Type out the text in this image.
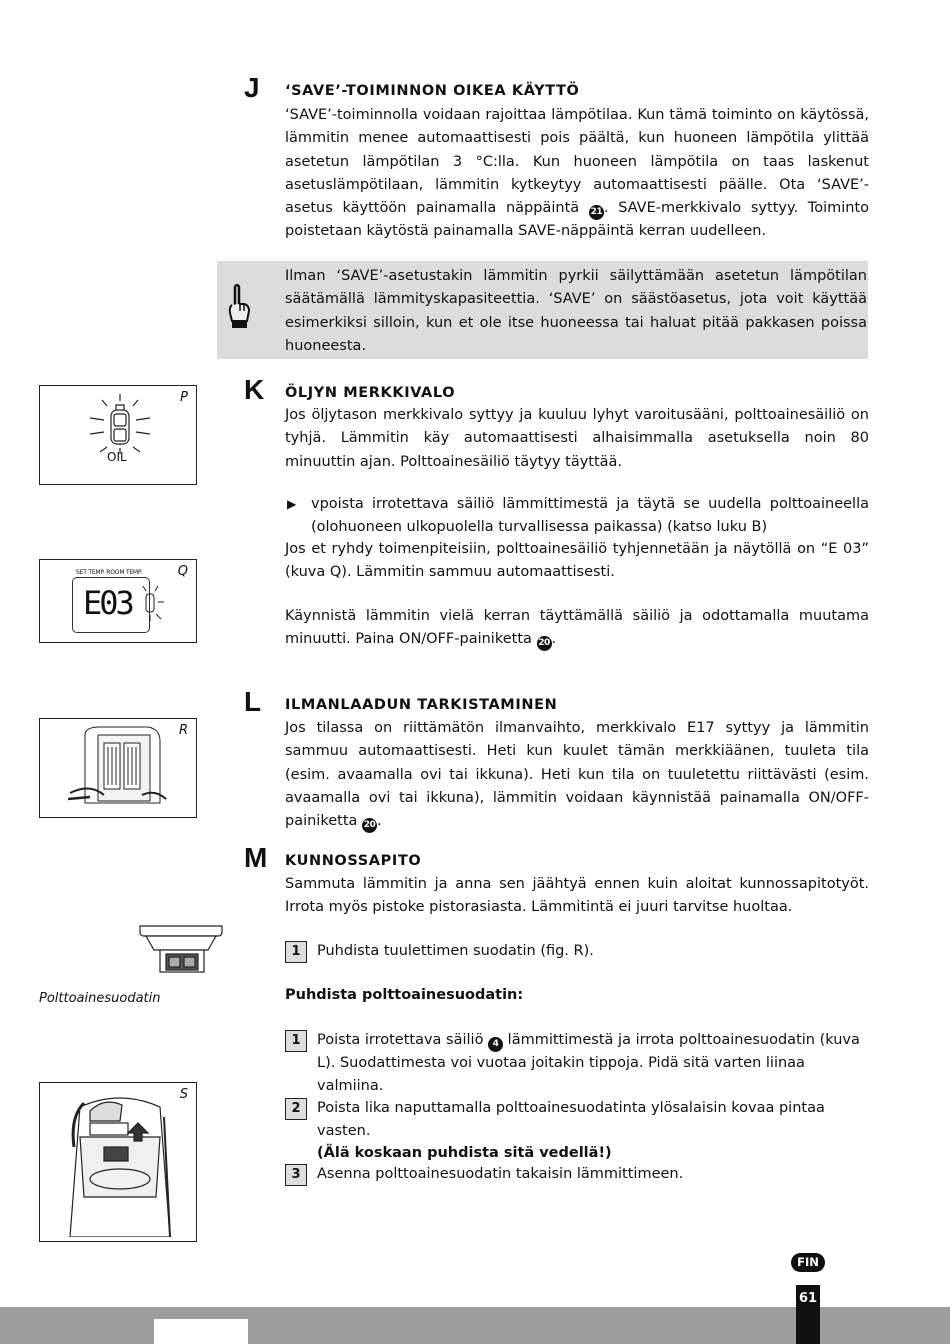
J ‘SAVE’-TOIMINNON OIKEA KÄYTTÖ
‘SAVE’-toiminnolla voidaan rajoittaa lämpötilaa. Kun tämä toiminto on käytössä, lämmitin menee automaattisesti pois päältä, kun huoneen lämpötila ylittää asetetun lämpötilan 3 °C:lla. Kun huoneen lämpötila on taas laskenut asetuslämpötilaan, lämmitin kytkeytyy automaattisesti päälle. Ota ‘SAVE’-asetus käyttöön painamalla näppäintä 21 . SAVE-merkkivalo syttyy. Toiminto poistetaan käytöstä painamalla SAVE-näppäintä kerran uudelleen.
Ilman ‘SAVE’-asetustakin lämmitin pyrkii säilyttämään asetetun lämpötilan säätämällä lämmityskapasiteettia. ‘SAVE’ on säästöasetus, jota voit käyttää esimerkiksi silloin, kun et ole itse huoneessa tai haluat pitää pakkasen poissa huoneesta.
K ÖLJYN MERKKIVALO
Jos öljytason merkkivalo syttyy ja kuuluu lyhyt varoitusääni, polttoainesäiliö on tyhjä. Lämmitin käy automaattisesti alhaisimmalla asetuksella noin 80 minuuttin ajan. Polttoainesäiliö täytyy täyttää.
▶ vpoista irrotettava säiliö lämmittimestä ja täytä se uudella polttoaineella (olohuoneen ulkopuolella turvallisessa paikassa) (katso luku B)
Jos et ryhdy toimenpiteisiin, polttoainesäiliö tyhjennetään ja näytöllä on “E 03” (kuva Q). Lämmitin sammuu automaattisesti.
Käynnistä lämmitin vielä kerran täyttämällä säiliö ja odottamalla muutama minuutti. Paina ON/OFF-painiketta 20 .
L ILMANLAADUN TARKISTAMINEN
Jos tilassa on riittämätön ilmanvaihto, merkkivalo E17 syttyy ja lämmitin sammuu automaattisesti. Heti kun kuulet tämän merkkiäänen, tuuleta tila (esim. avaamalla ovi tai ikkuna). Heti kun tila on tuuletettu riittävästi (esim. avaamalla ovi tai ikkuna), lämmitin voidaan käynnistää painamalla ON/OFF-painiketta 20 .
M KUNNOSSAPITO
Sammuta lämmitin ja anna sen jäähtyä ennen kuin aloitat kunnossapitotyöt. Irrota myös pistoke pistorasiasta. Lämmitintä ei juuri tarvitse huoltaa.
1	Puhdista tuulettimen suodatin (fig. R).
Puhdista polttoainesuodatin:
1	Poista irrotettava säiliö 4 lämmittimestä ja irrota polttoainesuodatin (kuva L). Suodattimesta voi vuotaa joitakin tippoja. Pidä sitä varten liinaa valmiina.
2	Poista lika naputtamalla polttoainesuodatinta ylösalaisin kovaa pintaa vasten.
(Älä koskaan puhdista sitä vedellä!)
3	Asenna polttoainesuodatin takaisin lämmittimeen.
P
OIL
Q
SET TEMP. ROOM TEMP.
E03
R
Polttoainesuodatin
S
FIN
61
